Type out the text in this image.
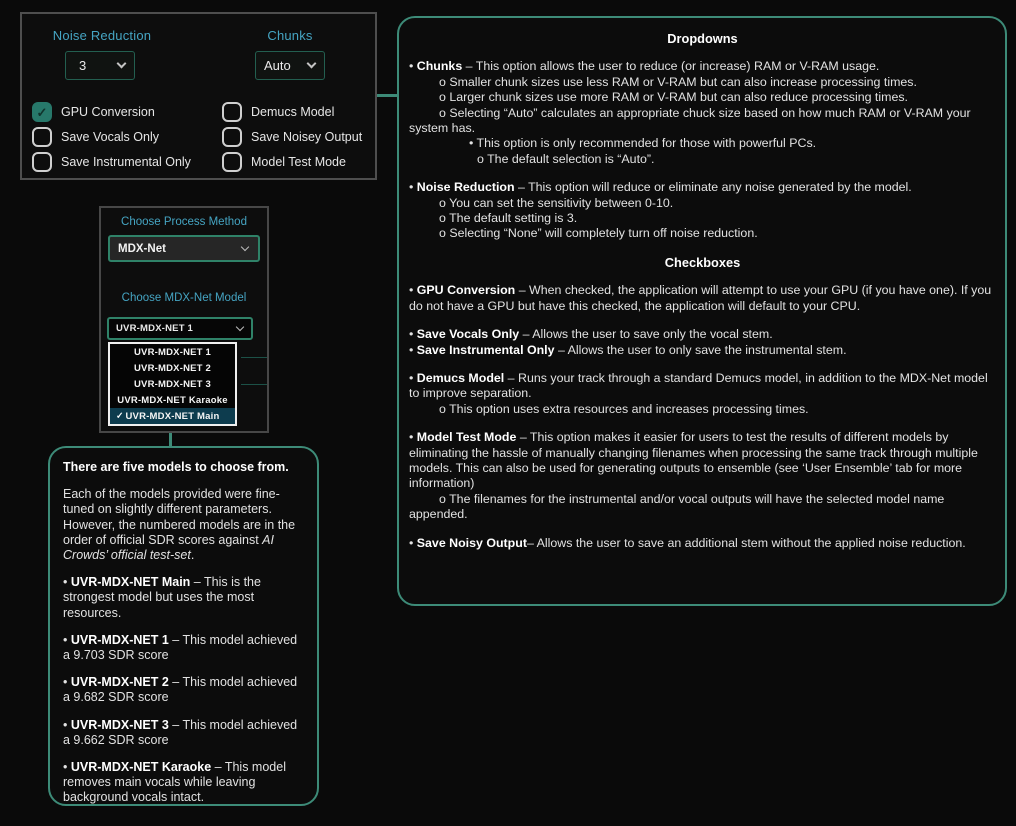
Noise Reduction	Chunks
3	Auto
✓ GPU Conversion
Save Vocals Only
Save Instrumental Only
Demucs Model
Save Noisey Output
Model Test Mode
Choose Process Method
MDX-Net
Choose MDX-Net Model
UVR-MDX-NET 1
UVR-MDX-NET 1
UVR-MDX-NET 2
UVR-MDX-NET 3
UVR-MDX-NET Karaoke
✓ UVR-MDX-NET Main

There are five models to choose from.

Each of the models provided were fine-tuned on slightly different parameters. However, the numbered models are in the order of official SDR scores against AI Crowds’ official test-set.

• UVR-MDX-NET Main – This is the strongest model but uses the most resources.

• UVR-MDX-NET 1 – This model achieved a 9.703 SDR score

• UVR-MDX-NET 2 – This model achieved a 9.682 SDR score

• UVR-MDX-NET 3 – This model achieved a 9.662 SDR score

• UVR-MDX-NET Karaoke – This model removes main vocals while leaving background vocals intact.

Dropdowns

• Chunks – This option allows the user to reduce (or increase) RAM or V-RAM usage.

o Smaller chunk sizes use less RAM or V-RAM but can also increase processing times.

o Larger chunk sizes use more RAM or V-RAM but can also reduce processing times.

o Selecting “Auto” calculates an appropriate chuck size based on how much RAM or V-RAM your system has.

• This option is only recommended for those with powerful PCs.

o The default selection is “Auto”.

• Noise Reduction – This option will reduce or eliminate any noise generated by the model.

o You can set the sensitivity between 0-10.

o The default setting is 3.

o Selecting “None” will completely turn off noise reduction.

Checkboxes

• GPU Conversion – When checked, the application will attempt to use your GPU (if you have one). If you do not have a GPU but have this checked, the application will default to your CPU.

• Save Vocals Only – Allows the user to save only the vocal stem.

• Save Instrumental Only – Allows the user to only save the instrumental stem.

• Demucs Model – Runs your track through a standard Demucs model, in addition to the MDX-Net model to improve separation.

o This option uses extra resources and increases processing times.

• Model Test Mode – This option makes it easier for users to test the results of different models by eliminating the hassle of manually changing filenames when processing the same track through multiple models. This can also be used for generating outputs to ensemble (see ‘User Ensemble’ tab for more information)

o The filenames for the instrumental and/or vocal outputs will have the selected model name appended.

• Save Noisy Output– Allows the user to save an additional stem without the applied noise reduction.
